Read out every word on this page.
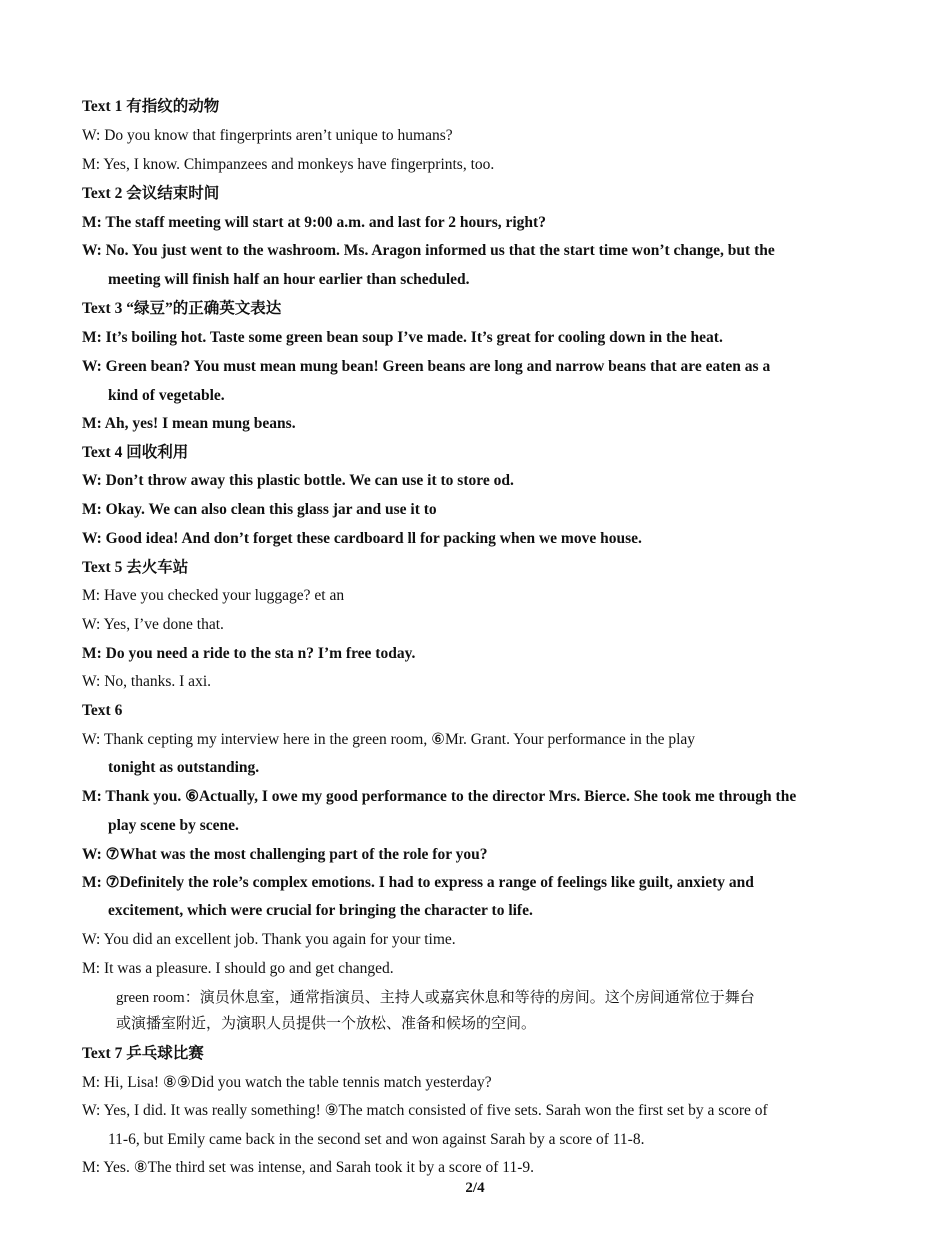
Text 1 有指纹的动物
W: Do you know that fingerprints aren’t unique to humans?
M: Yes, I know. Chimpanzees and monkeys have fingerprints, too.
Text 2 会议结束时间
M: The staff meeting will start at 9:00 a.m. and last for 2 hours, right?
W: No. You just went to the washroom. Ms. Aragon informed us that the start time won’t change, but the
meeting will finish half an hour earlier than scheduled.
Text 3 “绿豆”的正确英文表达
M: It’s boiling hot. Taste some green bean soup I’ve made. It’s great for cooling down in the heat.
W: Green bean? You must mean mung bean! Green beans are long and narrow beans that are eaten as a
kind of vegetable.
M: Ah, yes! I mean mung beans.
Text 4 回收利用
W: Don’t throw away this plastic bottle. We can use it to store od.
M: Okay. We can also clean this glass jar and use it to
W: Good idea! And don’t forget these cardboard ll for packing when we move house.
Text 5 去火车站
M: Have you checked your luggage? et an
W: Yes, I’ve done that.
M: Do you need a ride to the sta n? I’m free today.
W: No, thanks. I axi.
Text 6
W: Thank cepting my interview here in the green room, ⑥Mr. Grant. Your performance in the play
tonight as outstanding.
M: Thank you. ⑥Actually, I owe my good performance to the director Mrs. Bierce. She took me through the
play scene by scene.
W: ⑦What was the most challenging part of the role for you?
M: ⑦Definitely the role’s complex emotions. I had to express a range of feelings like guilt, anxiety and
excitement, which were crucial for bringing the character to life.
W: You did an excellent job. Thank you again for your time.
M: It was a pleasure. I should go and get changed.
green room：演员休息室，通常指演员、主持人或嘉宾休息和等待的房间。这个房间通常位于舞台
或演播室附近，为演职人员提供一个放松、准备和候场的空间。
Text 7 乒乓球比赛
M: Hi, Lisa! ⑧⑨Did you watch the table tennis match yesterday?
W: Yes, I did. It was really something! ⑨The match consisted of five sets. Sarah won the first set by a score of
11-6, but Emily came back in the second set and won against Sarah by a score of 11-8.
M: Yes. ⑧The third set was intense, and Sarah took it by a score of 11-9.
2/4
